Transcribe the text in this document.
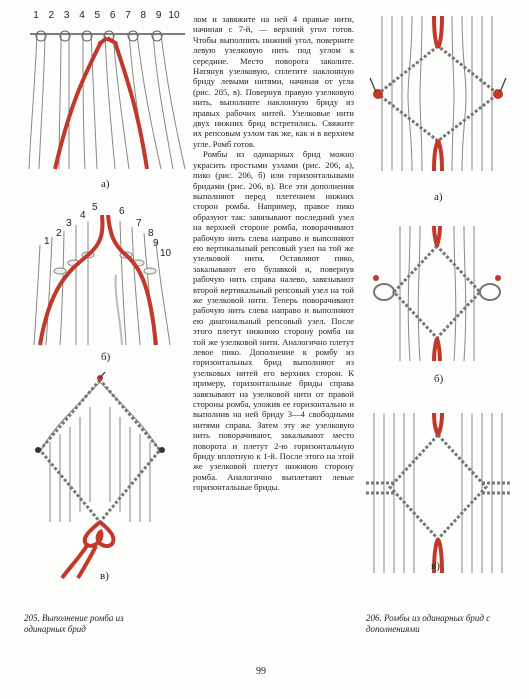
1 2 3 4 5 6 7 8 9 10
а)
5 6
4
3	7
2	8
1	9
10
б)
в)
205. Выполнение ромба из
одинарных брид

лом и завяжите на ней 4 правые нити, начиная с 7-й, — верхний угол готов. Чтобы выполнить нижний угол, поверните левую узелковую нить под углом к середине. Место поворота заколите. Натянув узелковую, сплетите наклонную бриду левыми нитями, начиная от угла (рис. 205, в). Повернув правую узелковую нить, выполните наклонную бриду из правых рабочих нитей. Узелковые нити двух нижних брид встретились. Свяжите их репсовым узлом так же, как и в верхнем угле. Ромб готов.

Ромбы из одинарных брид можно украсить простыми узлами (рис. 206, а), пико (рис. 206, б) или горизонтальными бридами (рис. 206, в). Все эти дополнения выполняют перед плетением нижних сторон ромба. Например, правое пико образуют так: завязывают последний узел на верхней стороне ромба, поворачивают рабочую нить слева направо и выполняют ею вертикальный репсовый узел на той же узелковой нити. Оставляют пико, закалывают его булавкой и, повернув рабочую нить справа налево, завязывают второй вертикальный репсовый узел на той же узелковой нити. Теперь поворачивают рабочую нить слева направо и выполняют ею диагональный репсовый узел. После этого плетут нижнюю сторону ромба на той же узелковой нити. Аналогично плетут левое пико. Дополнение к ромбу из горизонтальных брид выполняют из узелковых нитей его верхних сторон. К примеру, горизонтальные бриды справа завязывают на узелковой нити от правой стороны ромба, уложив ее горизонтально и выполнив на ней бриду 3—4 свободными нитями справа. Затем эту же узелковую нить поворачивают, закалывают место поворота и плетут 2-ю горизонтальную бриду вплотную к 1-й. После этого на этой же узелковой плетут нижнюю сторону ромба. Аналогично выплетают левые горизонтальные бриды.

а)
б)
в)
206. Ромбы из одинарных брид с
дополнениями
99
